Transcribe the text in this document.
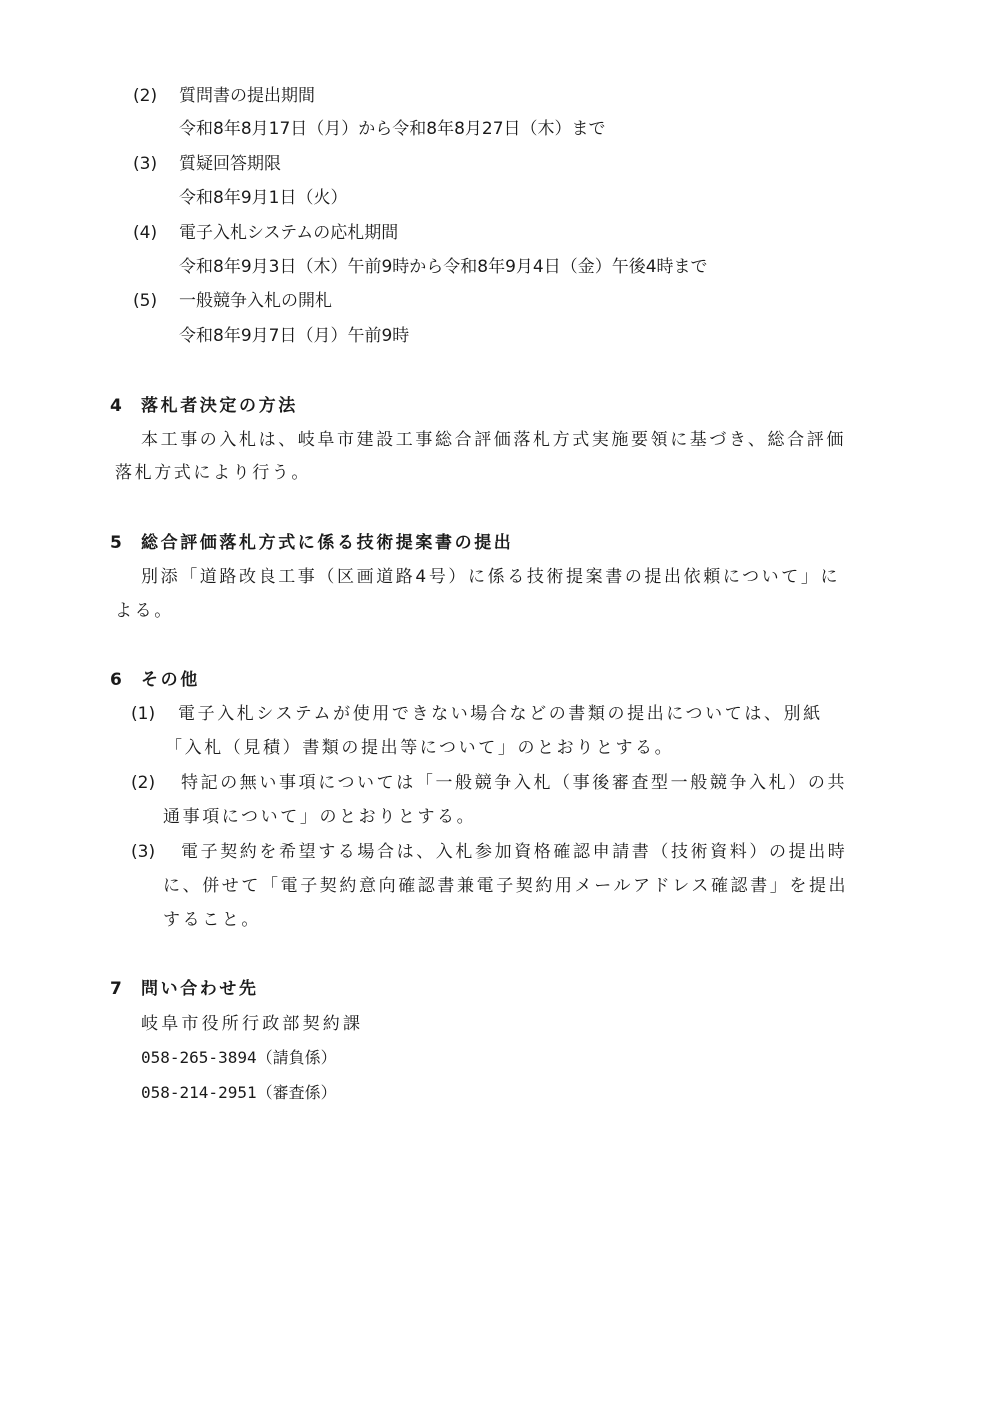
(2) 質問書の提出期間
令和8年8月17日（月）から令和8年8月27日（木）まで
(3) 質疑回答期限
令和8年9月1日（火）
(4) 電子入札システムの応札期間
令和8年9月3日（木）午前9時から令和8年9月4日（金）午後4時まで
(5) 一般競争入札の開札
令和8年9月7日（月）午前9時
4 落札者決定の方法
本工事の入札は、岐阜市建設工事総合評価落札方式実施要領に基づき、総合評価
落札方式により行う。
5 総合評価落札方式に係る技術提案書の提出
別添「道路改良工事（区画道路4号）に係る技術提案書の提出依頼について」に
よる。
6 その他
(1) 電子入札システムが使用できない場合などの書類の提出については、別紙
「入札（見積）書類の提出等について」のとおりとする。
(2) 特記の無い事項については「一般競争入札（事後審査型一般競争入札）の共
通事項について」のとおりとする。
(3) 電子契約を希望する場合は、入札参加資格確認申請書（技術資料）の提出時
に、併せて「電子契約意向確認書兼電子契約用メールアドレス確認書」を提出
すること。
7 問い合わせ先
岐阜市役所行政部契約課
058-265-3894（請負係）
058-214-2951（審査係）
